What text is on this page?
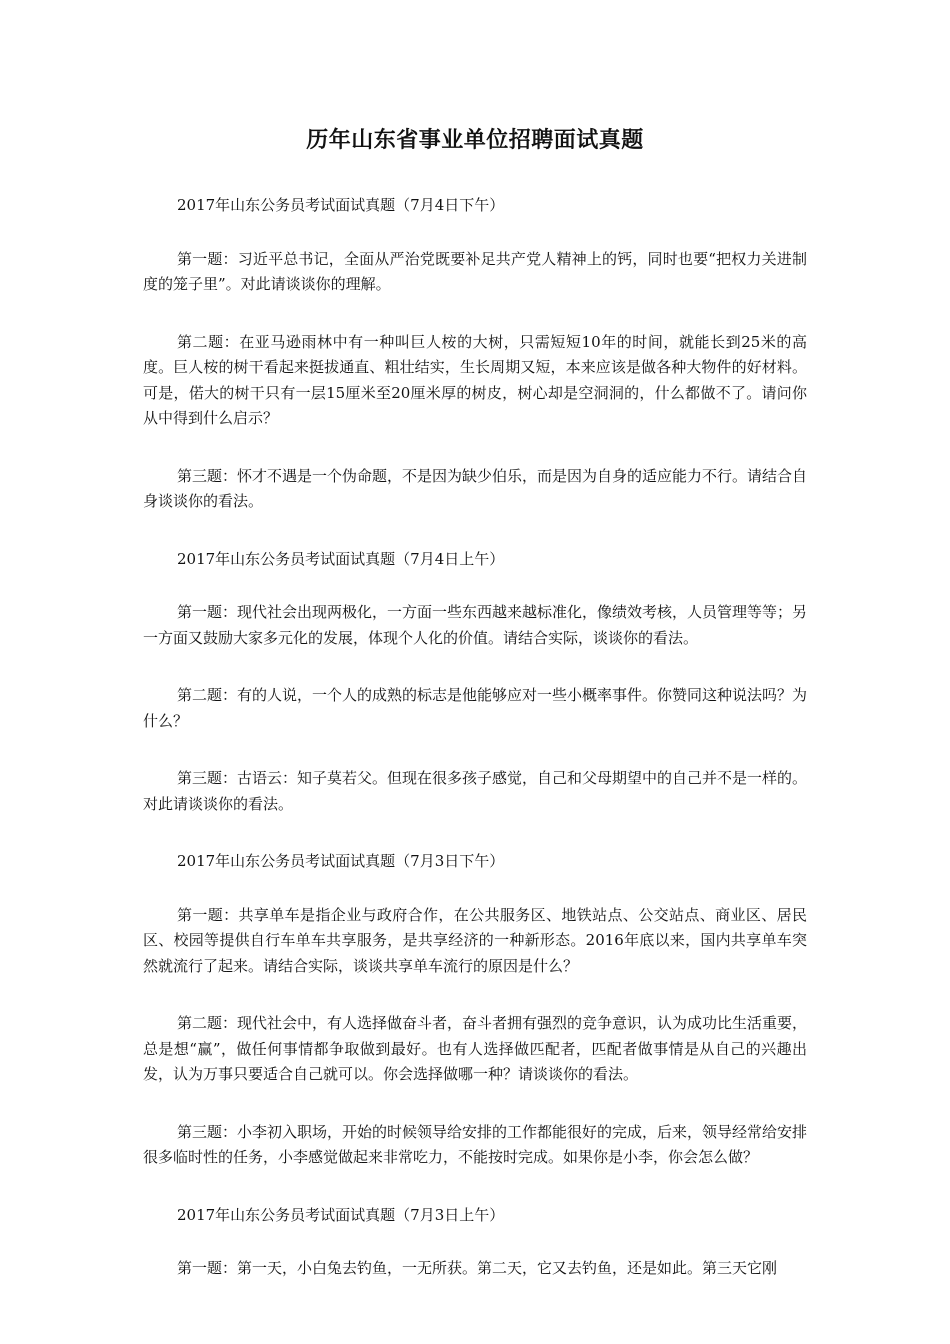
历年山东省事业单位招聘面试真题

2017年山东公务员考试面试真题（7月4日下午）

第一题：习近平总书记，全面从严治党既要补足共产党人精神上的钙，同时也要“把权力关进制度的笼子里”。对此请谈谈你的理解。

第二题：在亚马逊雨林中有一种叫巨人桉的大树，只需短短10年的时间，就能长到25米的高度。巨人桉的树干看起来挺拔通直、粗壮结实，生长周期又短，本来应该是做各种大物件的好材料。可是，偌大的树干只有一层15厘米至20厘米厚的树皮，树心却是空洞洞的，什么都做不了。请问你从中得到什么启示？

第三题：怀才不遇是一个伪命题，不是因为缺少伯乐，而是因为自身的适应能力不行。请结合自身谈谈你的看法。

2017年山东公务员考试面试真题（7月4日上午）

第一题：现代社会出现两极化，一方面一些东西越来越标准化，像绩效考核，人员管理等等；另一方面又鼓励大家多元化的发展，体现个人化的价值。请结合实际，谈谈你的看法。

第二题：有的人说，一个人的成熟的标志是他能够应对一些小概率事件。你赞同这种说法吗？为什么？

第三题：古语云：知子莫若父。但现在很多孩子感觉，自己和父母期望中的自己并不是一样的。对此请谈谈你的看法。

2017年山东公务员考试面试真题（7月3日下午）

第一题：共享单车是指企业与政府合作，在公共服务区、地铁站点、公交站点、商业区、居民区、校园等提供自行车单车共享服务，是共享经济的一种新形态。2016年底以来，国内共享单车突然就流行了起来。请结合实际，谈谈共享单车流行的原因是什么？

第二题：现代社会中，有人选择做奋斗者，奋斗者拥有强烈的竞争意识，认为成功比生活重要，总是想“赢”，做任何事情都争取做到最好。也有人选择做匹配者，匹配者做事情是从自己的兴趣出发，认为万事只要适合自己就可以。你会选择做哪一种？请谈谈你的看法。

第三题：小李初入职场，开始的时候领导给安排的工作都能很好的完成，后来，领导经常给安排很多临时性的任务，小李感觉做起来非常吃力，不能按时完成。如果你是小李，你会怎么做？

2017年山东公务员考试面试真题（7月3日上午）

第一题：第一天，小白兔去钓鱼，一无所获。第二天，它又去钓鱼，还是如此。第三天它刚
